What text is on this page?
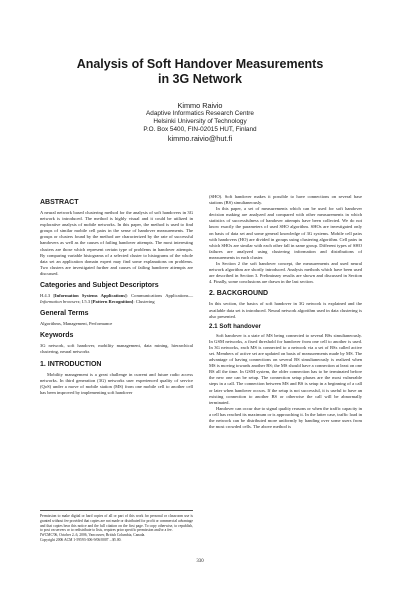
Analysis of Soft Handover Measurements
in 3G Network
Kimmo Raivio
Adaptive Informatics Research Centre
Helsinki University of Technology
P.O. Box 5400, FIN-02015 HUT, Finland
kimmo.raivio@hut.fi
ABSTRACT

A neural network based clustering method for the analysis of soft handovers in 3G network is introduced. The method is highly visual and it could be utilized in explorative analysis of mobile networks. In this paper, the method is used to find groups of similar mobile cell pairs in the sense of handover measurements. The groups or clusters found by the method are characterized by the rate of successful handovers as well as the causes of failing handover attempts. The most interesting clusters are those which represent certain type of problems in handover attempts. By comparing variable histograms of a selected cluster to histograms of the whole data set an application domain expert may find some explanations on problems. Two clusters are investigated further and causes of failing handover attempts are discussed.

Categories and Subject Descriptors

H.4.3 [Information Systems Applications]: Communications Applications—Information browsers; I.5.3 [Pattern Recognition]: Clustering

General Terms

Algorithms, Management, Performance

Keywords

3G network, soft handover, mobility management, data mining, hierarchical clustering, neural networks

1. INTRODUCTION

Mobility management is a great challenge in current and future radio access networks. In third generation (3G) networks user experienced quality of service (QoS) under a move of mobile station (MS) from one mobile cell to another cell has been improved by implementing soft handover

Permission to make digital or hard copies of all or part of this work for personal or classroom use is granted without fee provided that copies are not made or distributed for profit or commercial advantage and that copies bear this notice and the full citation on the first page. To copy otherwise, to republish, to post on servers or to redistribute to lists, requires prior specific permission and/or a fee.

IWCMC'06, October 2–6, 2006, Vancouver, British Columbia, Canada.

Copyright 2006 ACM 1-59593-306-9/06/0007 ...$5.00.

(SHO). Soft handover makes it possible to have connections on several base stations (BS) simultaneously.

In this paper, a set of measurements which can be used for soft handover decision making are analyzed and compared with other measurements in which statistics of successfulness of handover attempts have been collected. We do not know exactly the parameters of used SHO algorithm. SHOs are investigated only on basis of data set and some general knowledge of 3G systems. Mobile cell pairs with handovers (HO) are divided in groups using clustering algorithm. Cell pairs in which SHOs are similar with each other fall in same group. Different types of SHO failures are analyzed using clustering information and distributions of measurements in each cluster.

In Section 2 the soft handover concept, the measurements and used neural network algorithm are shortly introduced. Analysis methods which have been used are described in Section 3. Preliminary results are shown and discussed in Section 4. Finally, some conclusions are drawn in the last section.

2. BACKGROUND

In this section, the basics of soft handover in 3G network is explained and the available data set is introduced. Neural network algorithm used in data clustering is also presented.

2.1 Soft handover

Soft handover is a state of MS being connected to several BSs simultaneously. In GSM networks, a fixed threshold for handover from one cell to another is used. In 3G networks, each MS is connected to a network via a set of BSs called active set. Members of active set are updated on basis of measurements made by MS. The advantage of having connections on several BS simultaneously is realized when MS is moving towards another BS; the MS should have a connection at least on one BS all the time. In GSM system, the older connection has to be terminated before the new one can be setup. The connection setup phases are the most vulnerable steps in a call. The connection between MS and BS is setup in a beginning of a call or later when handover occurs. If the setup is not successful, it is useful to have an existing connection to another BS or otherwise the call will be abnormally terminated.

Handover can occur due to signal quality reasons or when the traffic capacity in a cell has reached its maximum or is approaching it. In the latter case, traffic load in the network can be distributed more uniformly by handing over some users from the most crowded cells. The above method is

330
